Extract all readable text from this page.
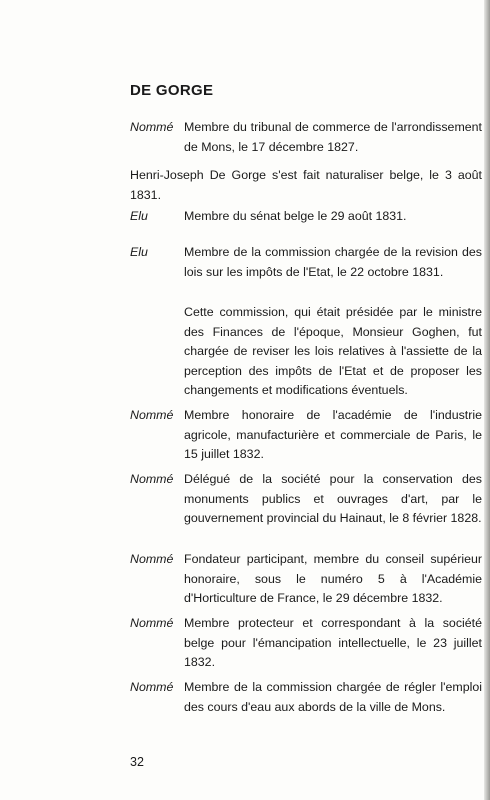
DE GORGE
Nommé Membre du tribunal de commerce de l'arrondissement de Mons, le 17 décembre 1827.
Henri-Joseph De Gorge s'est fait naturaliser belge, le 3 août 1831.
Elu	Membre du sénat belge le 29 août 1831.
Elu	Membre de la commission chargée de la revision des lois sur les impôts de l'Etat, le 22 octobre 1831.
Cette commission, qui était présidée par le ministre des Finances de l'époque, Monsieur Goghen, fut chargée de reviser les lois relatives à l'assiette de la perception des impôts de l'Etat et de proposer les changements et modifications éventuels.
Nommé Membre honoraire de l'académie de l'industrie agricole, manufacturière et commerciale de Paris, le 15 juillet 1832.
Nommé Délégué de la société pour la conservation des monuments publics et ouvrages d'art, par le gouvernement provincial du Hainaut, le 8 février 1828.
Nommé Fondateur participant, membre du conseil supérieur honoraire, sous le numéro 5 à l'Académie d'Horticulture de France, le 29 décembre 1832.
Nommé Membre protecteur et correspondant à la société belge pour l'émancipation intellectuelle, le 23 juillet 1832.
Nommé Membre de la commission chargée de régler l'emploi des cours d'eau aux abords de la ville de Mons.
32
